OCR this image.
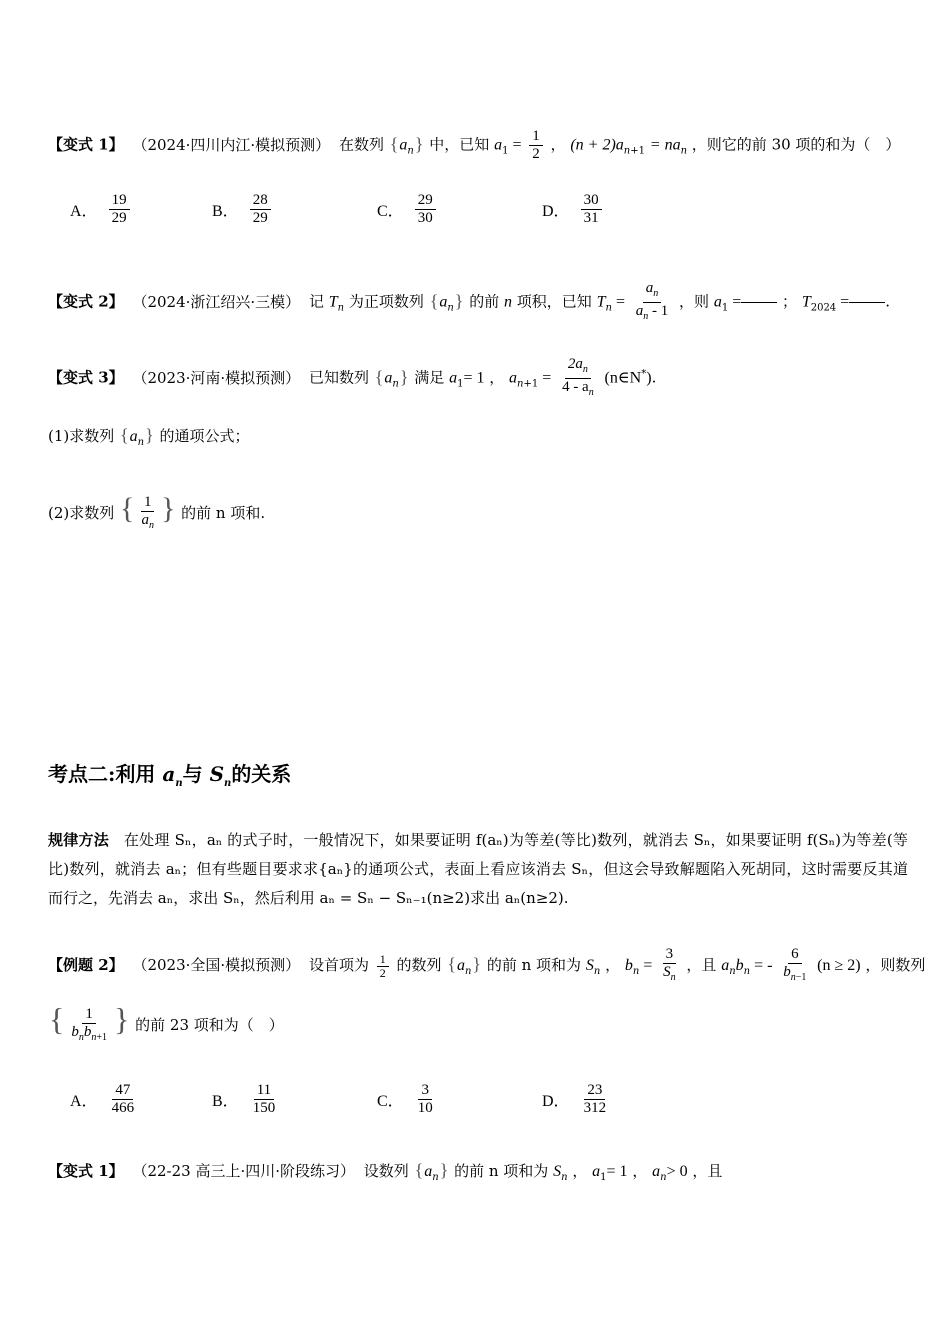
【变式 1】 （2024·四川内江·模拟预测） 在数列 $\{a_n\}$ 中，已知 $a_1 = \frac{1}{2}$ ， $(n + 2)a_{n+1} = na_n$ ，则它的前 30 项的和为（　）
A． $\frac{19}{29}$	B． $\frac{28}{29}$	C． $\frac{29}{30}$	D． $\frac{30}{31}$
【变式 2】 （2024·浙江绍兴·三模） 记 $T_n$ 为正项数列 $\{a_n\}$ 的前 n 项积，已知 $T_n = \frac{a_n}{a_n - 1}$ ，则 $a_1$ =	； $T_{2024}$ = .
【变式 3】 （2023·河南·模拟预测） 已知数列 $\{a_n\}$ 满足 $a_1= 1$ ， $a_{n+1} = \frac{2a_n}{4 - a_n}$ (n∈N*).
(1)求数列 $\{a_n\}$ 的通项公式；
(2)求数列 { $\frac{1}{a_n}$ } 的前 n 项和.
考点二:利用 $a_n$与 $S_n$的关系
规律方法 在处理 Sₙ，aₙ 的式子时，一般情况下，如果要证明 f(aₙ)为等差(等比)数列，就消去 Sₙ，如果要证明 f(Sₙ)为等差(等比)数列，就消去 aₙ；但有些题目要求求{aₙ}的通项公式，表面上看应该消去 Sₙ，但这会导致解题陷入死胡同，这时需要反其道而行之，先消去 aₙ，求出 Sₙ，然后利用 aₙ = Sₙ − Sₙ₋₁(n≥2)求出 aₙ(n≥2).
【例题 2】 （2023·全国·模拟预测） 设首项为 $\frac{1}{2}$ 的数列 $\{a_n\}$ 的前 n 项和为 $S_n$ ， $b_n = \frac{3}{S_n}$ ，且 $a_nb_n$ = - $\frac{6}{b_{n-1}} (n \ge 2)$ ，则数列
{ $\frac{1}{b_nb_{n+1}}$ } 的前 23 项和为（　）
A． $\frac{47}{466}$	B． $\frac{11}{150}$	C． $\frac{3}{10}$	D． $\frac{23}{312}$
【变式 1】 （22-23 高三上·四川·阶段练习） 设数列 $\{a_n\}$ 的前 n 项和为 $S_n$ ， $a_1= 1$ ， $a_n> 0$ ，且
